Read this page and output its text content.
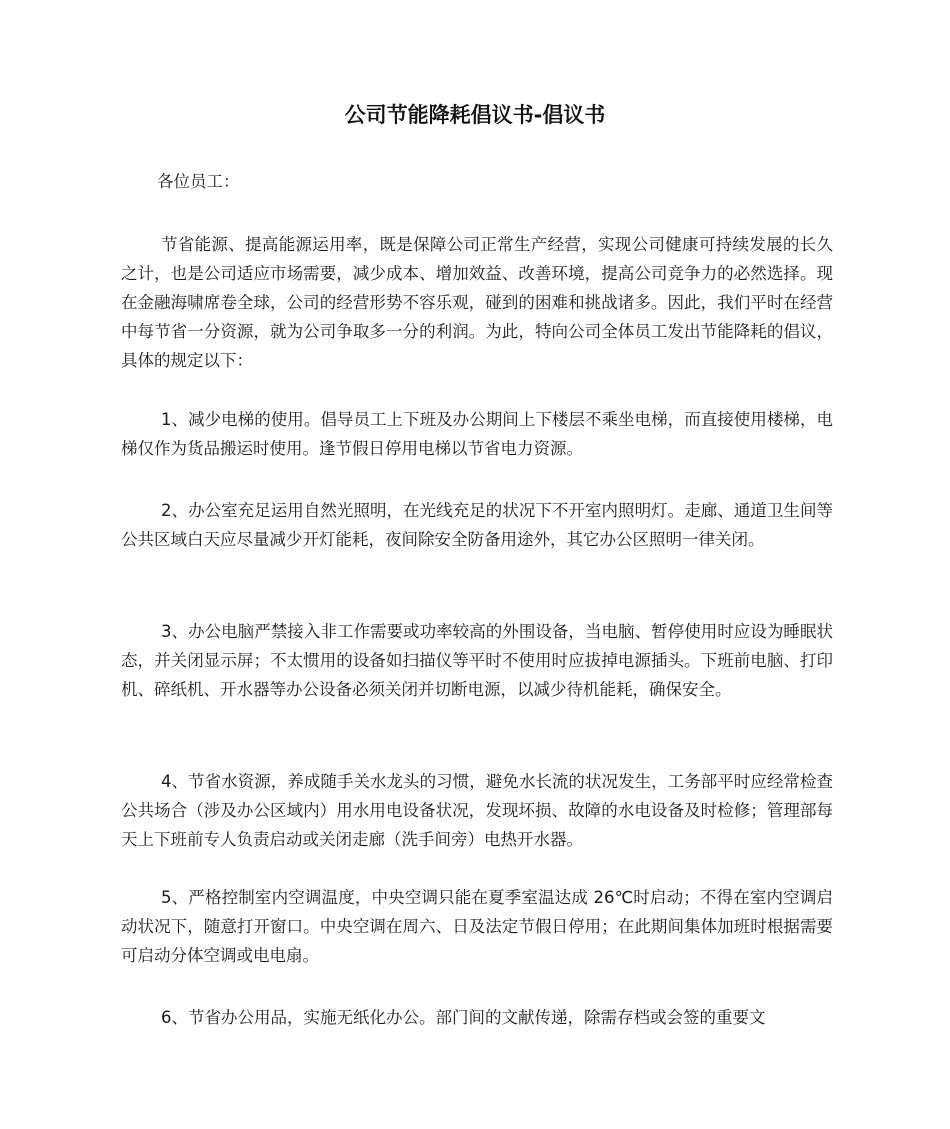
公司节能降耗倡议书-倡议书

各位员工：

节省能源、提高能源运用率，既是保障公司正常生产经营，实现公司健康可持续发展的长久之计，也是公司适应市场需要，减少成本、增加效益、改善环境，提高公司竞争力的必然选择。现在金融海啸席卷全球，公司的经营形势不容乐观，碰到的困难和挑战诸多。因此，我们平时在经营中每节省一分资源，就为公司争取多一分的利润。为此，特向公司全体员工发出节能降耗的倡议，具体的规定以下：

1、减少电梯的使用。倡导员工上下班及办公期间上下楼层不乘坐电梯，而直接使用楼梯，电梯仅作为货品搬运时使用。逢节假日停用电梯以节省电力资源。

2、办公室充足运用自然光照明，在光线充足的状况下不开室内照明灯。走廊、通道卫生间等公共区域白天应尽量减少开灯能耗，夜间除安全防备用途外，其它办公区照明一律关闭。

3、办公电脑严禁接入非工作需要或功率较高的外围设备，当电脑、暂停使用时应设为睡眠状态，并关闭显示屏；不太惯用的设备如扫描仪等平时不使用时应拔掉电源插头。下班前电脑、打印机、碎纸机、开水器等办公设备必须关闭并切断电源，以减少待机能耗，确保安全。

4、节省水资源，养成随手关水龙头的习惯，避免水长流的状况发生，工务部平时应经常检查公共场合（涉及办公区域内）用水用电设备状况，发现坏损、故障的水电设备及时检修；管理部每天上下班前专人负责启动或关闭走廊（洗手间旁）电热开水器。

5、严格控制室内空调温度，中央空调只能在夏季室温达成 26℃时启动；不得在室内空调启动状况下，随意打开窗口。中央空调在周六、日及法定节假日停用；在此期间集体加班时根据需要可启动分体空调或电电扇。

6、节省办公用品，实施无纸化办公。部门间的文献传递，除需存档或会签的重要文
